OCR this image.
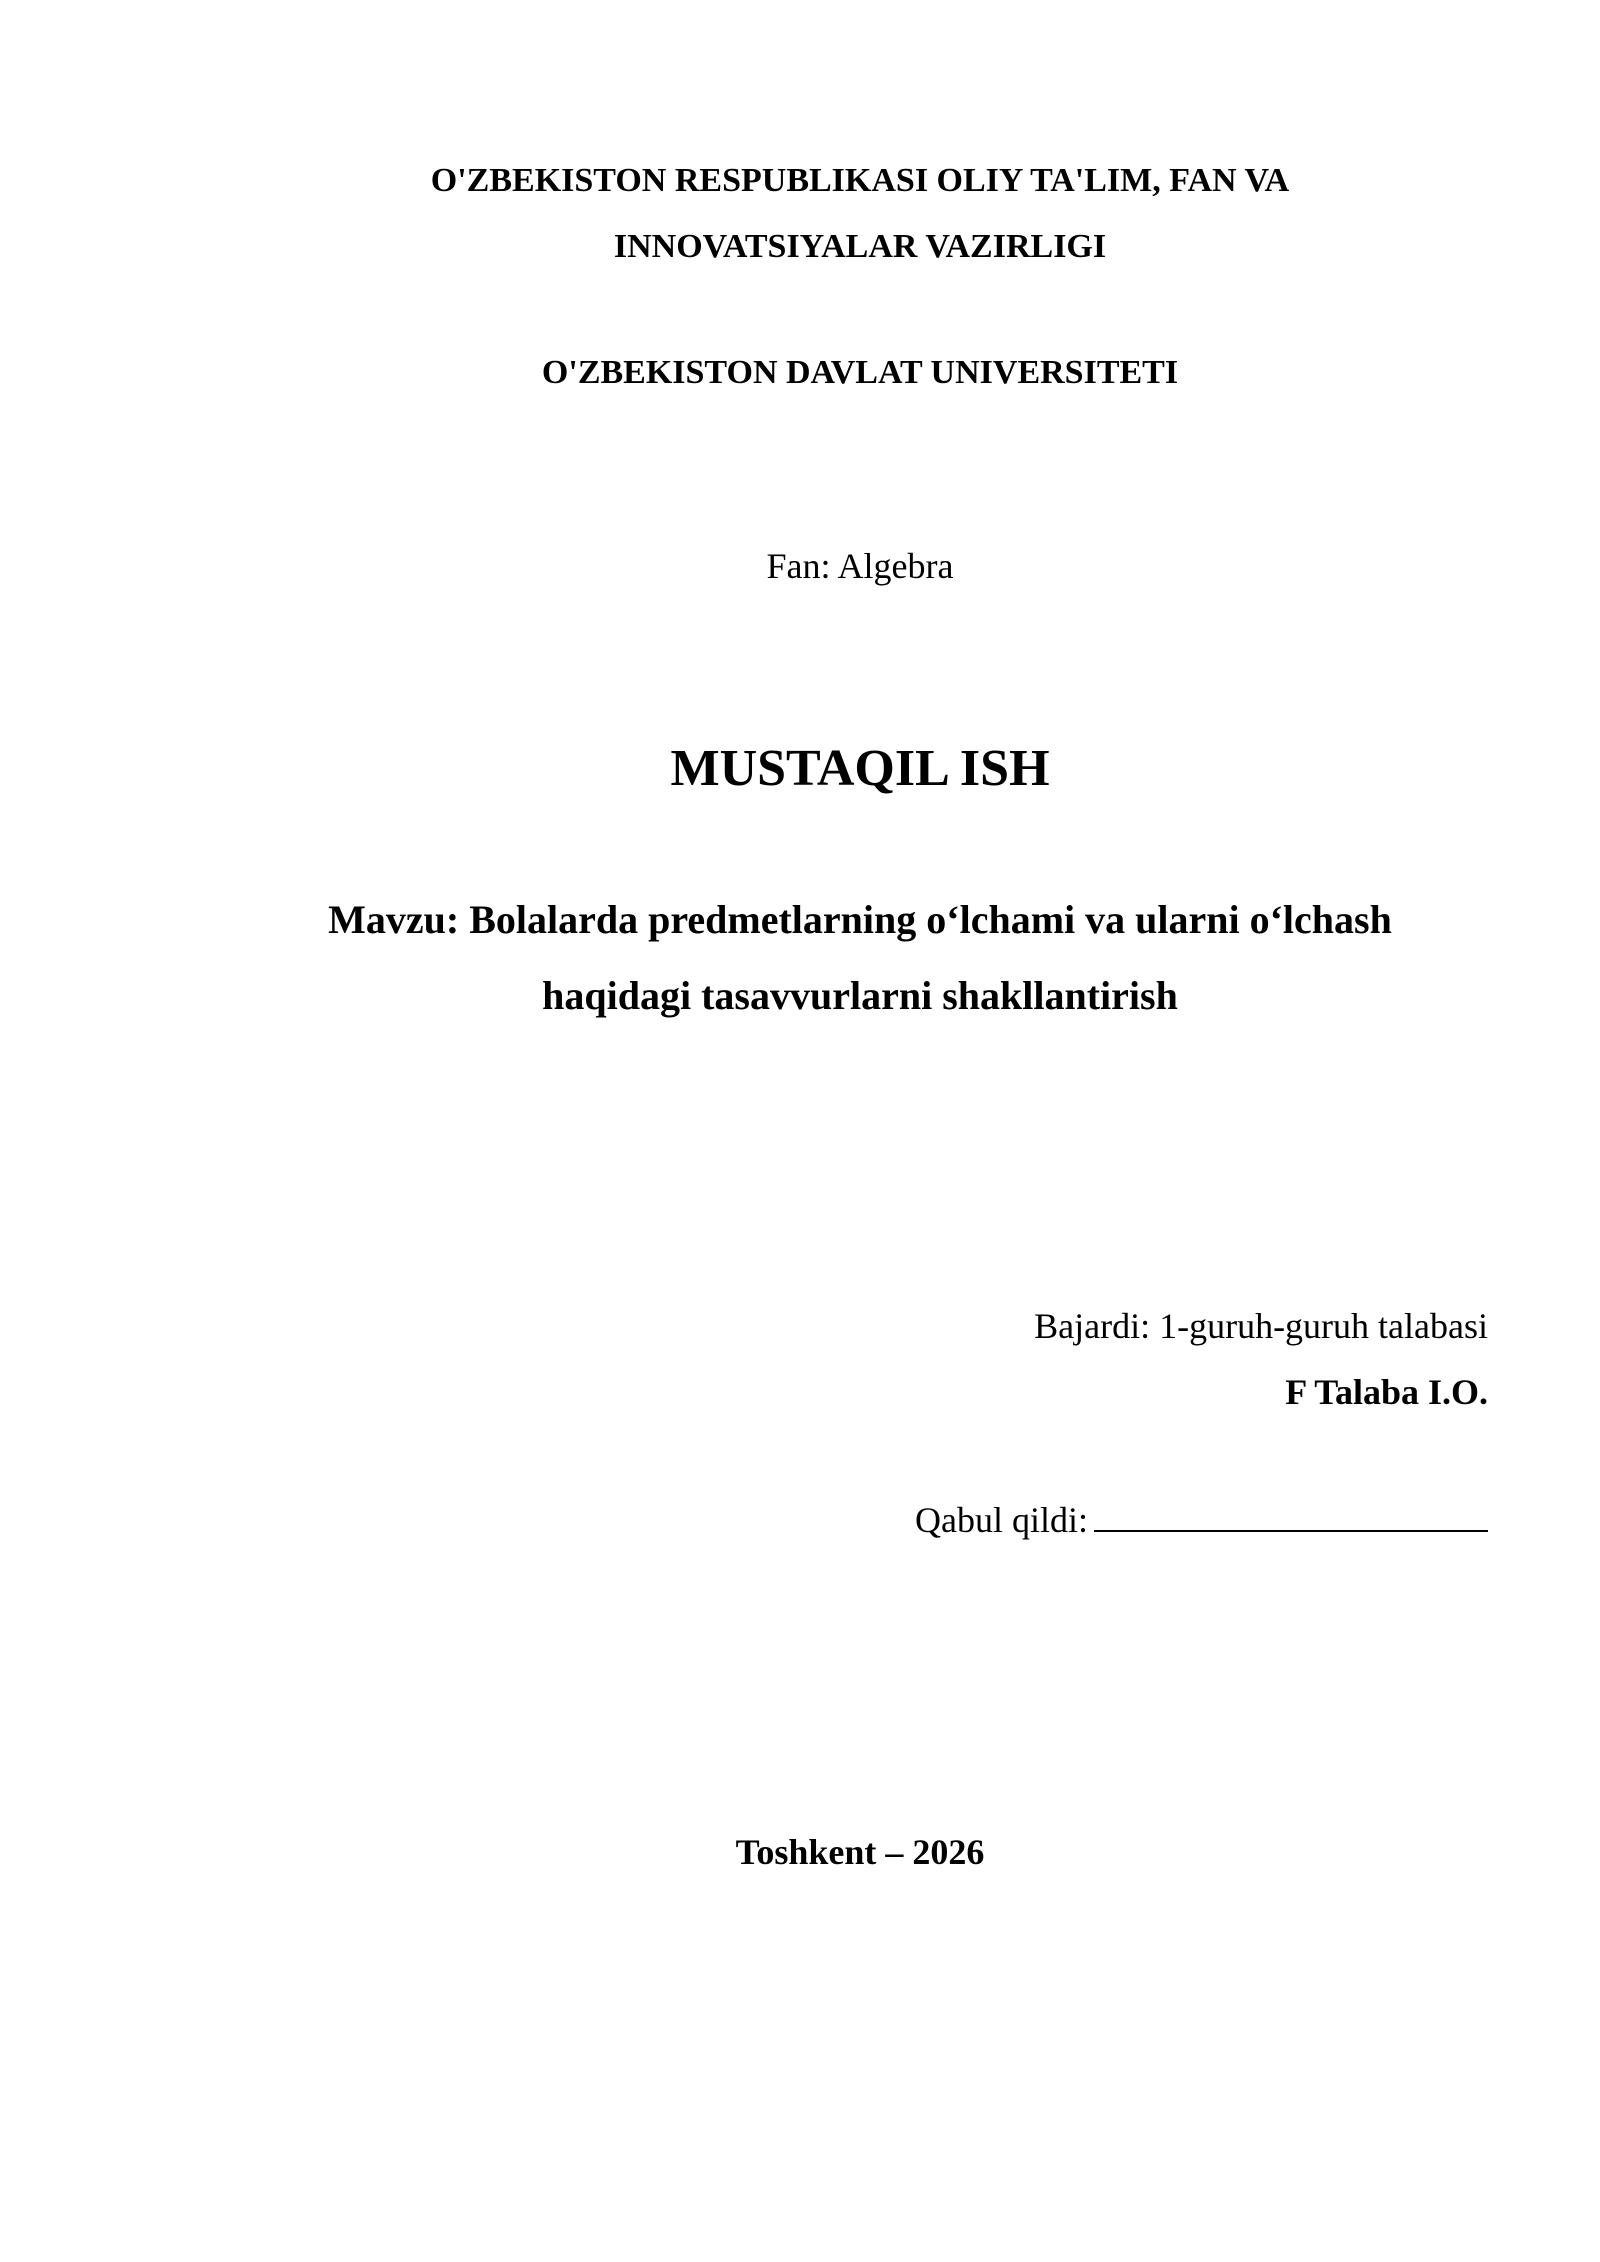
O'ZBEKISTON RESPUBLIKASI OLIY TA'LIM, FAN VA
INNOVATSIYALAR VAZIRLIGI
O'ZBEKISTON DAVLAT UNIVERSITETI
Fan: Algebra
MUSTAQIL ISH
Mavzu: Bolalarda predmetlarning o‘lchami va ularni o‘lchash
haqidagi tasavvurlarni shakllantirish
Bajardi: 1-guruh-guruh talabasi
F Talaba I.O.
Qabul qildi:
Toshkent – 2026
